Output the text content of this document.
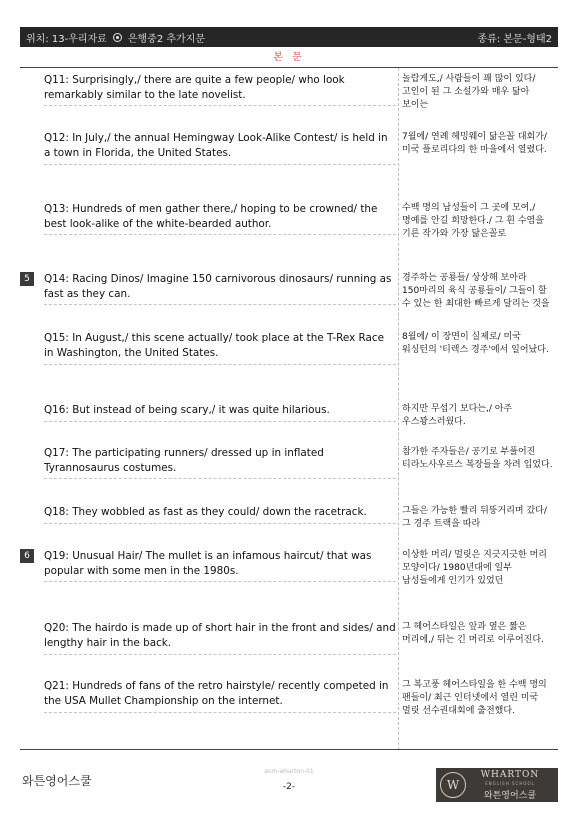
위치: 13-우리자료 은행중2 추가지문	종류: 본문-형태2
본 문
Q11: Surprisingly,/ there are quite a few people/ who look remarkably similar to the late novelist.
놀랍게도,/ 사람들이 꽤 많이 있다/ 고인이 된 그 소설가와 매우 닮아 보이는
Q12: In July,/ the annual Hemingway Look-Alike Contest/ is held in a town in Florida, the United States.
7월에/ 연례 헤밍웨이 닮은꼴 대회가/ 미국 플로리다의 한 마을에서 열렸다.
Q13: Hundreds of men gather there,/ hoping to be crowned/ the best look-alike of the white-bearded author.
수백 명의 남성들이 그 곳에 모여,/ 명예를 안길 희망한다./ 그 흰 수염을 기른 작가와 가장 닮은꼴로
5	Q14: Racing Dinos/ Imagine 150 carnivorous dinosaurs/ running as fast as they can.
경주하는 공룡들/ 상상해 보아라 150마리의 육식 공룡들이/ 그들이 할 수 있는 한 최대한 빠르게 달리는 것을
Q15: In August,/ this scene actually/ took place at the T-Rex Race in Washington, the United States.
8월에/ 이 장면이 실제로/ 미국 워싱턴의 '티렉스 경주'에서 일어났다.
Q16: But instead of being scary,/ it was quite hilarious.	하지만 무섭기 보다는,/ 아주 우스꽝스러웠다.
Q17: The participating runners/ dressed up in inflated Tyrannosaurus costumes.
참가한 주자들은/ 공기로 부풀어진 티라노사우르스 복장들을 차려 입었다.
Q18: They wobbled as fast as they could/ down the racetrack.	그들은 가능한 빨리 뒤뚱거리며 갔다/ 그 경주 트랙을 따라
6	Q19: Unusual Hair/ The mullet is an infamous haircut/ that was popular with some men in the 1980s.
이상한 머리/ 멀릿은 지긋지긋한 머리 모양이다/ 1980년대에 일부 남성들에게 인기가 있었던
Q20: The hairdo is made up of short hair in the front and sides/ and lengthy hair in the back.
그 헤어스타일은 앞과 옆은 짧은 머리에,/ 뒤는 긴 머리로 이루어진다.
Q21: Hundreds of fans of the retro hairstyle/ recently competed in the USA Mullet Championship on the internet.
그 복고풍 헤어스타일을 한 수백 명의 팬들이/ 최근 인터넷에서 열린 미국 멀릿 선수권대회에 출전했다.
와튼영어스쿨
acm-wharton-01
-2-	W
WHARTON
ENGLISH SCHOOL
와튼영어스쿨
